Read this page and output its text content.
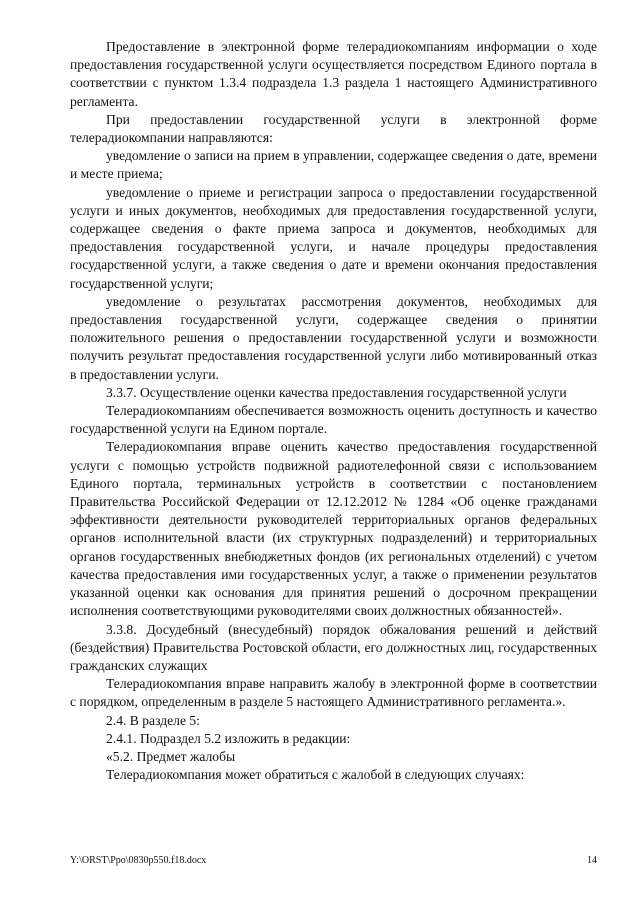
Предоставление в электронной форме телерадиокомпаниям информации о ходе предоставления государственной услуги осуществляется посредством Единого портала в соответствии с пунктом 1.3.4 подраздела 1.3 раздела 1 настоящего Административного регламента.

При предоставлении государственной услуги в электронной форме телерадиокомпании направляются:

уведомление о записи на прием в управлении, содержащее сведения о дате, времени и месте приема;

уведомление о приеме и регистрации запроса о предоставлении государственной услуги и иных документов, необходимых для предоставления государственной услуги, содержащее сведения о факте приема запроса и документов, необходимых для предоставления государственной услуги, и начале процедуры предоставления государственной услуги, а также сведения о дате и времени окончания предоставления государственной услуги;

уведомление о результатах рассмотрения документов, необходимых для предоставления государственной услуги, содержащее сведения о принятии положительного решения о предоставлении государственной услуги и возможности получить результат предоставления государственной услуги либо мотивированный отказ в предоставлении услуги.

3.3.7. Осуществление оценки качества предоставления государственной услуги

Телерадиокомпаниям обеспечивается возможность оценить доступность и качество государственной услуги на Едином портале.

Телерадиокомпания вправе оценить качество предоставления государственной услуги с помощью устройств подвижной радиотелефонной связи с использованием Единого портала, терминальных устройств в соответствии с постановлением Правительства Российской Федерации от 12.12.2012 № 1284 «Об оценке гражданами эффективности деятельности руководителей территориальных органов федеральных органов исполнительной власти (их структурных подразделений) и территориальных органов государственных внебюджетных фондов (их региональных отделений) с учетом качества предоставления ими государственных услуг, а также о применении результатов указанной оценки как основания для принятия решений о досрочном прекращении исполнения соответствующими руководителями своих должностных обязанностей».

3.3.8. Досудебный (внесудебный) порядок обжалования решений и действий (бездействия) Правительства Ростовской области, его должностных лиц, государственных гражданских служащих

Телерадиокомпания вправе направить жалобу в электронной форме в соответствии с порядком, определенным в разделе 5 настоящего Административного регламента.».

2.4. В разделе 5:

2.4.1. Подраздел 5.2 изложить в редакции:

«5.2. Предмет жалобы

Телерадиокомпания может обратиться с жалобой в следующих случаях:

Y:\ORST\Ppo\0830p550.f18.docx	14
